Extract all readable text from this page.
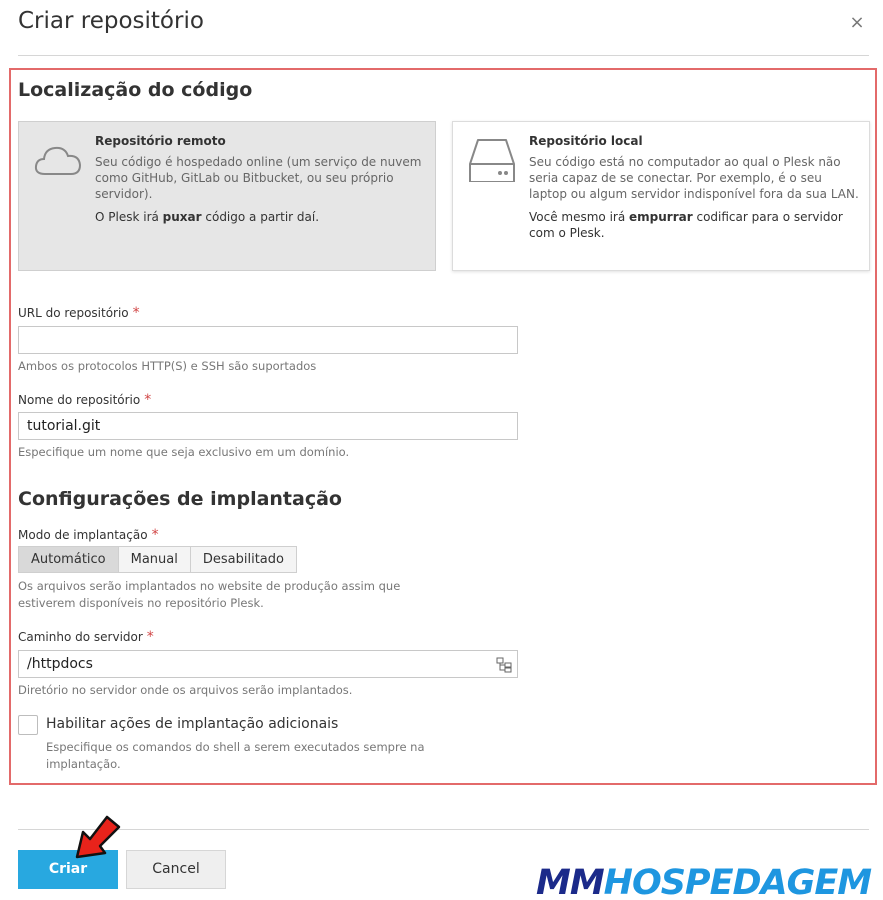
Criar repositório	×
Localização do código
Repositório remoto
Seu código é hospedado online (um serviço de nuvem como GitHub, GitLab ou Bitbucket, ou seu próprio servidor).
O Plesk irá puxar código a partir daí.
Repositório local
Seu código está no computador ao qual o Plesk não seria capaz de se conectar. Por exemplo, é o seu laptop ou algum servidor indisponível fora da sua LAN.
Você mesmo irá empurrar codificar para o servidor com o Plesk.
URL do repositório *
Ambos os protocolos HTTP(S) e SSH são suportados
Nome do repositório *
tutorial.git
Especifique um nome que seja exclusivo em um domínio.
Configurações de implantação
Modo de implantação *
Automático	Manual	Desabilitado
Os arquivos serão implantados no website de produção assim que estiverem disponíveis no repositório Plesk.
Caminho do servidor *
/httpdocs
Diretório no servidor onde os arquivos serão implantados.
Habilitar ações de implantação adicionais
Especifique os comandos do shell a serem executados sempre na implantação.
Criar	Cancel	MMHOSPEDAGEM
